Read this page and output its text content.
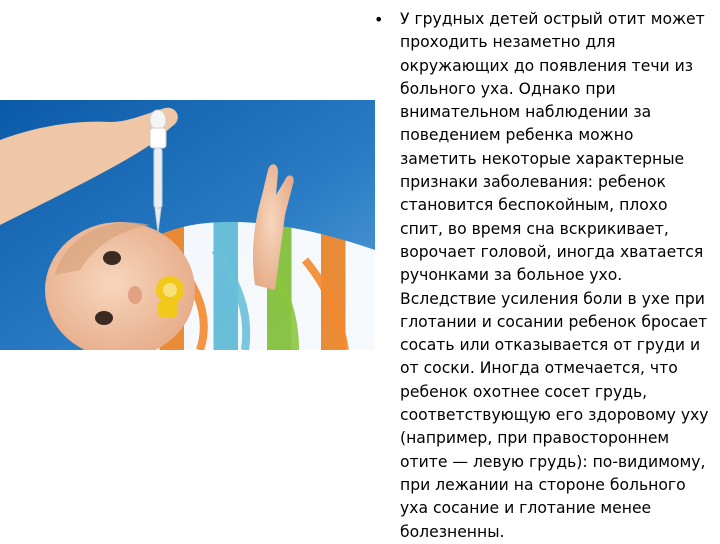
• У грудных детей острый отит может проходить незаметно для окружающих до появления течи из больного уха. Однако при внимательном наблюдении за поведением ребенка можно заметить некоторые характерные признаки заболевания: ребенок становится беспокойным, плохо спит, во время сна вскрикивает, ворочает головой, иногда хватается ручонками за больное ухо. Вследствие усиления боли в ухе при глотании и сосании ребенок бросает сосать или отказывается от груди и от соски. Иногда отмечается, что ребенок охотнее сосет грудь, соответствующую его здоровому уху (например, при правостороннем отите — левую грудь): по-видимому, при лежании на стороне больного уха сосание и глотание менее болезненны.
